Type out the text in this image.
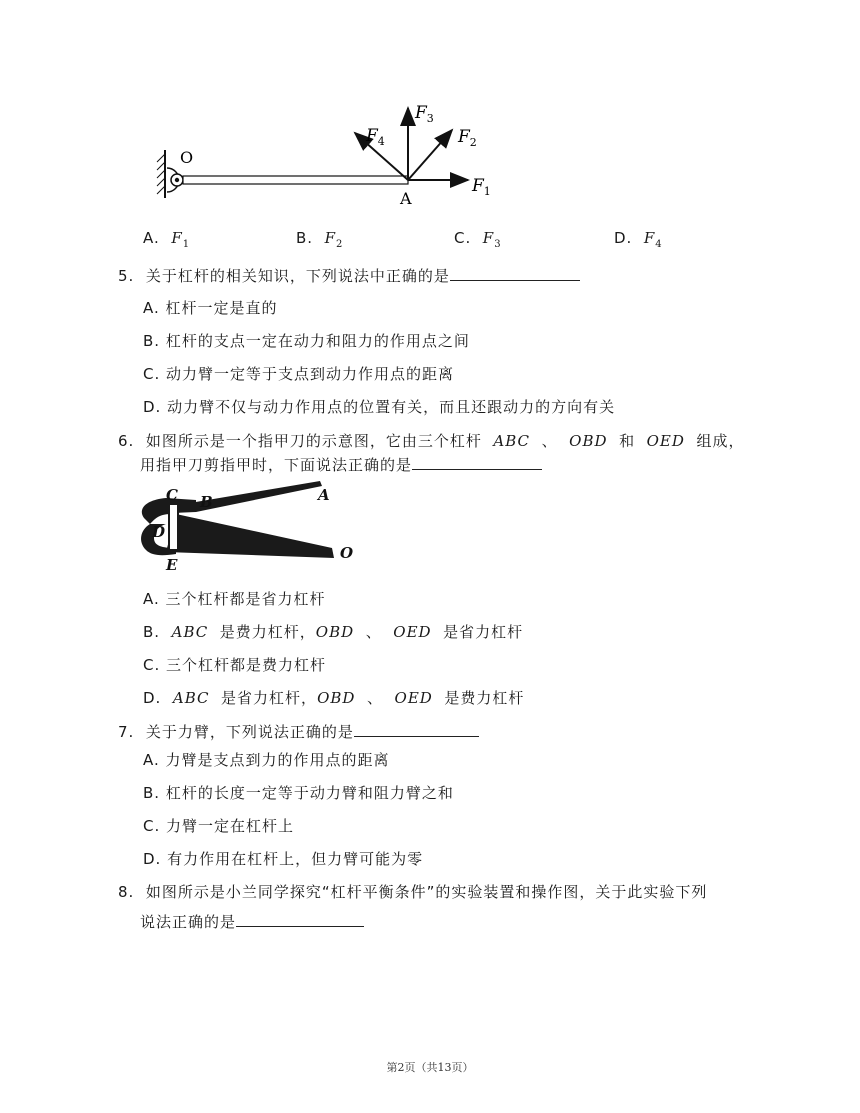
O
A
$F_1$
$F_2$
$F_3$
$F_4$
A. $F_1$	B. $F_2$	C. $F_3$	D. $F_4$
5. 关于杠杆的相关知识，下列说法中正确的是
A. 杠杆一定是直的
B. 杠杆的支点一定在动力和阻力的作用点之间
C. 动力臂一定等于支点到动力作用点的距离
D. 动力臂不仅与动力作用点的位置有关，而且还跟动力的方向有关
6. 如图所示是一个指甲刀的示意图，它由三个杠杆 ABC 、 OBD 和 OED 组成，
用指甲刀剪指甲时，下面说法正确的是
C B	A
D
E
O
A. 三个杠杆都是省力杠杆
B. ABC 是费力杠杆，OBD 、 OED 是省力杠杆
C. 三个杠杆都是费力杠杆
D. ABC 是省力杠杆，OBD 、 OED 是费力杠杆
7. 关于力臂，下列说法正确的是
A. 力臂是支点到力的作用点的距离
B. 杠杆的长度一定等于动力臂和阻力臂之和
C. 力臂一定在杠杆上
D. 有力作用在杠杆上，但力臂可能为零
8. 如图所示是小兰同学探究“杠杆平衡条件”的实验装置和操作图，关于此实验下列
说法正确的是
第2页（共13页）
